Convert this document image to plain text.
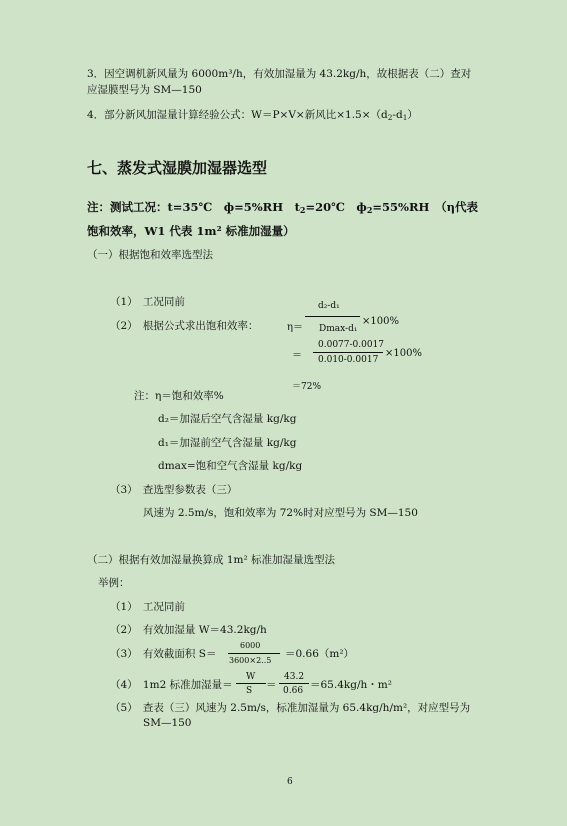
3．因空调机新风量为 6000m³/h，有效加湿量为 43.2kg/h，故根据表（二）查对
应湿膜型号为 SM—150
4．部分新风加湿量计算经验公式：W＝P×V×新风比$\times 1.5\times(d_2-d_1)$
七、蒸发式湿膜加湿器选型
注：测试工况：t=35℃　ф=5%RH　$t_2=20℃$　$ф_2=55\%RH$　（η代表
饱和效率，W1 代表 1m² 标准加湿量）
（一）根据饱和效率选型法
（1）　工况同前
（2）　根据公式求出饱和效率：	η＝
d₂-d₁
Dmax-d₁
×100%
＝
0.0077-0.0017
0.010-0.0017
×100%
＝72%
注：η＝饱和效率%
d₂＝加湿后空气含湿量 kg/kg
d₁＝加湿前空气含湿量 kg/kg
dmax=饱和空气含湿量 kg/kg
（3）　查选型参数表（三）
风速为 2.5m/s，饱和效率为 72%时对应型号为 SM—150
（二）根据有效加湿量换算成 1m² 标准加湿量选型法
举例：
（1）　工况同前
（2）　有效加湿量 W＝43.2kg/h
（3）　有效截面积 S＝
6000
3600×2..5
＝0.66（m²）
（4）　1m2 标准加湿量＝
W
S ＝
43.2
0.66 ＝65.4kg/h・m²
（5）　查表（三）风速为 2.5m/s，标准加湿量为 65.4kg/h/m²，对应型号为
SM—150
6
